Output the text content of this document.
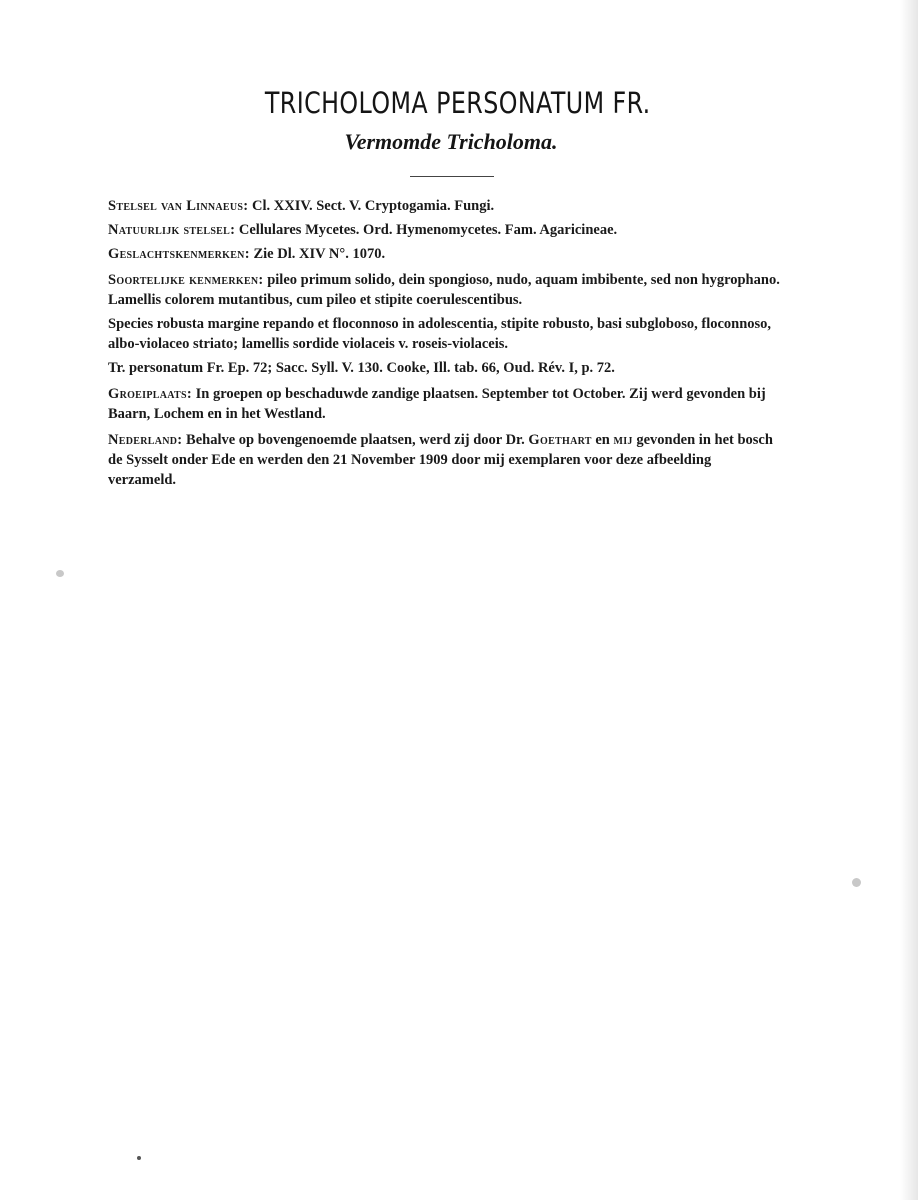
TRICHOLOMA PERSONATUM FR.
Vermomde Tricholoma.

Stelsel van Linnaeus: Cl. XXIV. Sect. V. Cryptogamia. Fungi.

Natuurlijk stelsel: Cellulares Mycetes. Ord. Hymenomycetes. Fam. Agaricineae.

Geslachtskenmerken: Zie Dl. XIV N°. 1070.

Soortelijke kenmerken: pileo primum solido, dein spongioso, nudo, aquam imbibente, sed non hygrophano. Lamellis colorem mutantibus, cum pileo et stipite coerulescentibus.

Species robusta margine repando et floconnoso in adolescentia, stipite robusto, basi subgloboso, floconnoso, albo-violaceo striato; lamellis sordide violaceis v. roseis-violaceis.

Tr. personatum Fr. Ep. 72; Sacc. Syll. V. 130. Cooke, Ill. tab. 66, Oud. Rév. I, p. 72.

Groeiplaats: In groepen op beschaduwde zandige plaatsen. September tot October. Zij werd gevonden bij Baarn, Lochem en in het Westland.

Nederland: Behalve op bovengenoemde plaatsen, werd zij door Dr. Goethart en mij gevonden in het bosch de Sysselt onder Ede en werden den 21 November 1909 door mij exemplaren voor deze afbeelding verzameld.
